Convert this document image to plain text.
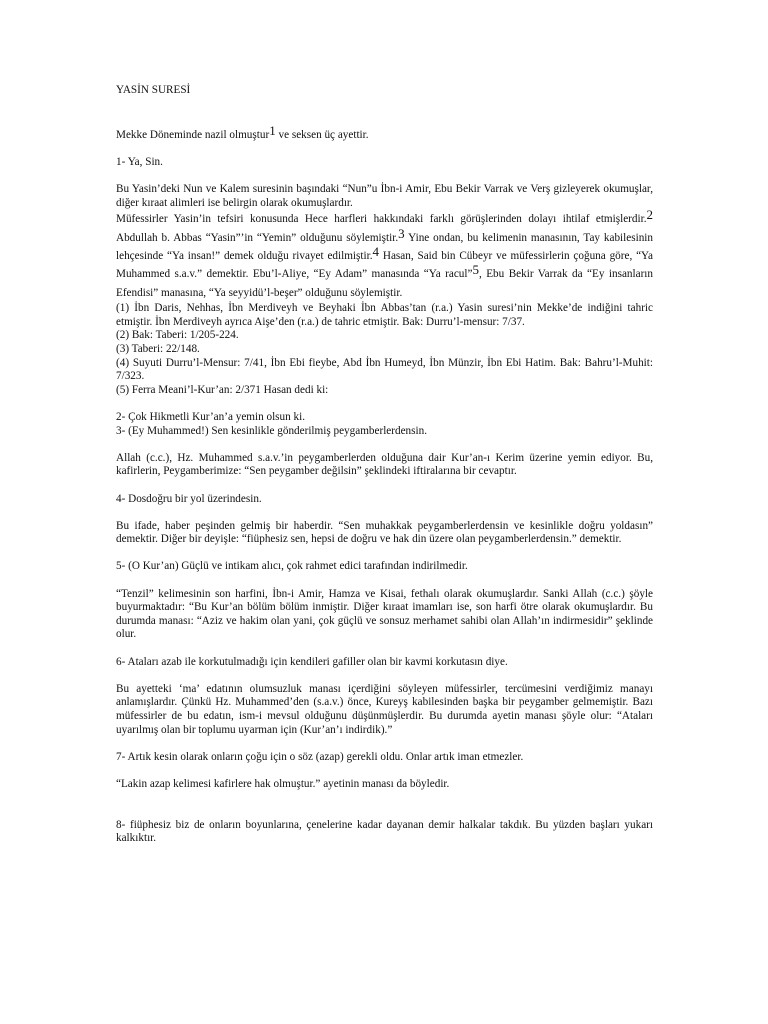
YASİN SURESİ

Mekke Döneminde nazil olmuştur$^1$ ve seksen üç ayettir.

1- Ya, Sin.

Bu Yasin’deki Nun ve Kalem suresinin başındaki “Nun”u İbn-i Amir, Ebu Bekir Varrak ve Verş gizleyerek okumuşlar, diğer kıraat alimleri ise belirgin olarak okumuşlardır.

Müfessirler Yasin’in tefsiri konusunda Hece harfleri hakkındaki farklı görüşlerinden dolayı ihtilaf etmişlerdir.$^2$ Abdullah b. Abbas “Yasin”’in “Yemin” olduğunu söylemiştir.$^3$ Yine ondan, bu kelimenin manasının, Tay kabilesinin lehçesinde “Ya insan!” demek olduğu rivayet edilmiştir.$^4$ Hasan, Said bin Cübeyr ve müfessirlerin çoğuna göre, “Ya Muhammed s.a.v.” demektir. Ebu’l-Aliye, “Ey Adam” manasında “Ya racul”$^5$, Ebu Bekir Varrak da “Ey insanların Efendisi” manasına, “Ya seyyidü’l-beşer” olduğunu söylemiştir.

(1) İbn Daris, Nehhas, İbn Merdiveyh ve Beyhaki İbn Abbas’tan (r.a.) Yasin suresi’nin Mekke’de indiğini tahric etmiştir. İbn Merdiveyh ayrıca Aişe’den (r.a.) de tahric etmiştir. Bak: Durru’l-mensur: 7/37.

(2) Bak: Taberi: 1/205-224.

(3) Taberi: 22/148.

(4) Suyuti Durru’l-Mensur: 7/41, İbn Ebi fieybe, Abd İbn Humeyd, İbn Münzir, İbn Ebi Hatim. Bak: Bahru’l-Muhit: 7/323.

(5) Ferra Meani’l-Kur’an: 2/371 Hasan dedi ki:

2- Çok Hikmetli Kur’an’a yemin olsun ki.

3- (Ey Muhammed!) Sen kesinlikle gönderilmiş peygamberlerdensin.

Allah (c.c.), Hz. Muhammed s.a.v.’in peygamberlerden olduğuna dair Kur’an-ı Kerim üzerine yemin ediyor. Bu, kafirlerin, Peygamberimize: “Sen peygamber değilsin” şeklindeki iftiralarına bir cevaptır.

4- Dosdoğru bir yol üzerindesin.

Bu ifade, haber peşinden gelmiş bir haberdir. “Sen muhakkak peygamberlerdensin ve kesinlikle doğru yoldasın” demektir. Diğer bir deyişle: “fiüphesiz sen, hepsi de doğru ve hak din üzere olan peygamberlerdensin.” demektir.

5- (O Kur’an) Güçlü ve intikam alıcı, çok rahmet edici tarafından indirilmedir.

“Tenzil” kelimesinin son harfini, İbn-i Amir, Hamza ve Kisai, fethalı olarak okumuşlardır. Sanki Allah (c.c.) şöyle buyurmaktadır: “Bu Kur’an bölüm bölüm inmiştir. Diğer kıraat imamları ise, son harfi ötre olarak okumuşlardır. Bu durumda manası: “Aziz ve hakim olan yani, çok güçlü ve sonsuz merhamet sahibi olan Allah’ın indirmesidir” şeklinde olur.

6- Ataları azab ile korkutulmadığı için kendileri gafiller olan bir kavmi korkutasın diye.

Bu ayetteki ‘ma’ edatının olumsuzluk manası içerdiğini söyleyen müfessirler, tercümesini verdiğimiz manayı anlamışlardır. Çünkü Hz. Muhammed’den (s.a.v.) önce, Kureyş kabilesinden başka bir peygamber gelmemiştir. Bazı müfessirler de bu edatın, ism-i mevsul olduğunu düşünmüşlerdir. Bu durumda ayetin manası şöyle olur: “Ataları uyarılmış olan bir toplumu uyarman için (Kur’an’ı indirdik).”

7- Artık kesin olarak onların çoğu için o söz (azap) gerekli oldu. Onlar artık iman etmezler.

“Lakin azap kelimesi kafirlere hak olmuştur.” ayetinin manası da böyledir.

8- fiüphesiz biz de onların boyunlarına, çenelerine kadar dayanan demir halkalar takdık. Bu yüzden başları yukarı kalkıktır.
